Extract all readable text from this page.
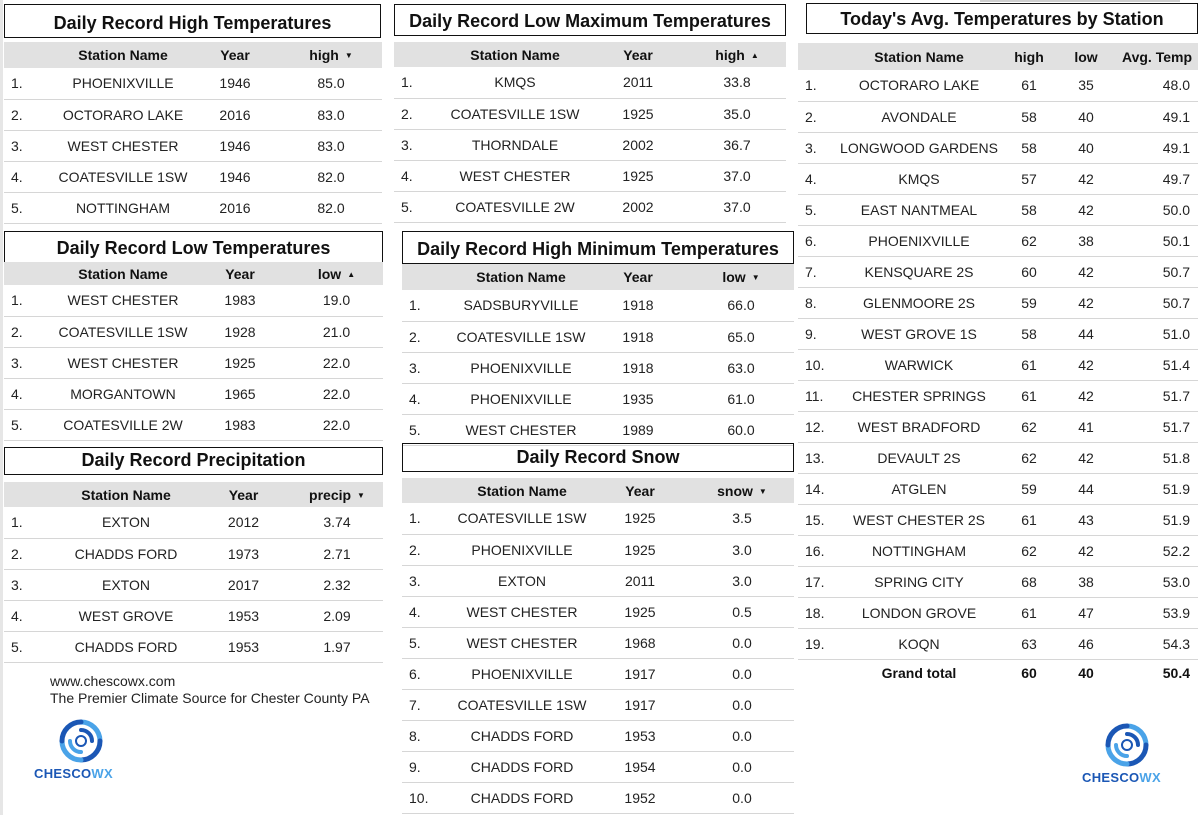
Daily Record High Temperatures
	Station Name	Year	high ▼
1.	PHOENIXVILLE	1946	85.0
2.	OCTORARO LAKE	2016	83.0
3.	WEST CHESTER	1946	83.0
4.	COATESVILLE 1SW	1946	82.0
5.	NOTTINGHAM	2016	82.0
Daily Record Low Temperatures
	Station Name	Year	low ▲
1.	WEST CHESTER	1983	19.0
2.	COATESVILLE 1SW	1928	21.0
3.	WEST CHESTER	1925	22.0
4.	MORGANTOWN	1965	22.0
5.	COATESVILLE 2W	1983	22.0
Daily Record Precipitation
	Station Name	Year	precip ▼
1.	EXTON	2012	3.74
2.	CHADDS FORD	1973	2.71
3.	EXTON	2017	2.32
4.	WEST GROVE	1953	2.09
5.	CHADDS FORD	1953	1.97
www.chescowx.com
The Premier Climate Source for Chester County PA
CHESCOWX
Daily Record Low Maximum Temperatures
	Station Name	Year	high ▲
1.	KMQS	2011	33.8
2.	COATESVILLE 1SW	1925	35.0
3.	THORNDALE	2002	36.7
4.	WEST CHESTER	1925	37.0
5.	COATESVILLE 2W	2002	37.0
Daily Record High Minimum Temperatures
	Station Name	Year	low ▼
1.	SADSBURYVILLE	1918	66.0
2.	COATESVILLE 1SW	1918	65.0
3.	PHOENIXVILLE	1918	63.0
4.	PHOENIXVILLE	1935	61.0
5.	WEST CHESTER	1989	60.0
Daily Record Snow
	Station Name	Year	snow ▼
1.	COATESVILLE 1SW	1925	3.5
2.	PHOENIXVILLE	1925	3.0
3.	EXTON	2011	3.0
4.	WEST CHESTER	1925	0.5
5.	WEST CHESTER	1968	0.0
6.	PHOENIXVILLE	1917	0.0
7.	COATESVILLE 1SW	1917	0.0
8.	CHADDS FORD	1953	0.0
9.	CHADDS FORD	1954	0.0
10.	CHADDS FORD	1952	0.0
Today's Avg. Temperatures by Station
	Station Name	high	low	Avg. Temp
1.	OCTORARO LAKE	61	35	48.0
2.	AVONDALE	58	40	49.1
3.	LONGWOOD GARDENS	58	40	49.1
4.	KMQS	57	42	49.7
5.	EAST NANTMEAL	58	42	50.0
6.	PHOENIXVILLE	62	38	50.1
7.	KENSQUARE 2S	60	42	50.7
8.	GLENMOORE 2S	59	42	50.7
9.	WEST GROVE 1S	58	44	51.0
10.	WARWICK	61	42	51.4
11.	CHESTER SPRINGS	61	42	51.7
12.	WEST BRADFORD	62	41	51.7
13.	DEVAULT 2S	62	42	51.8
14.	ATGLEN	59	44	51.9
15.	WEST CHESTER 2S	61	43	51.9
16.	NOTTINGHAM	62	42	52.2
17.	SPRING CITY	68	38	53.0
18.	LONDON GROVE	61	47	53.9
19.	KOQN	63	46	54.3
	Grand total	60	40	50.4
CHESCOWX
